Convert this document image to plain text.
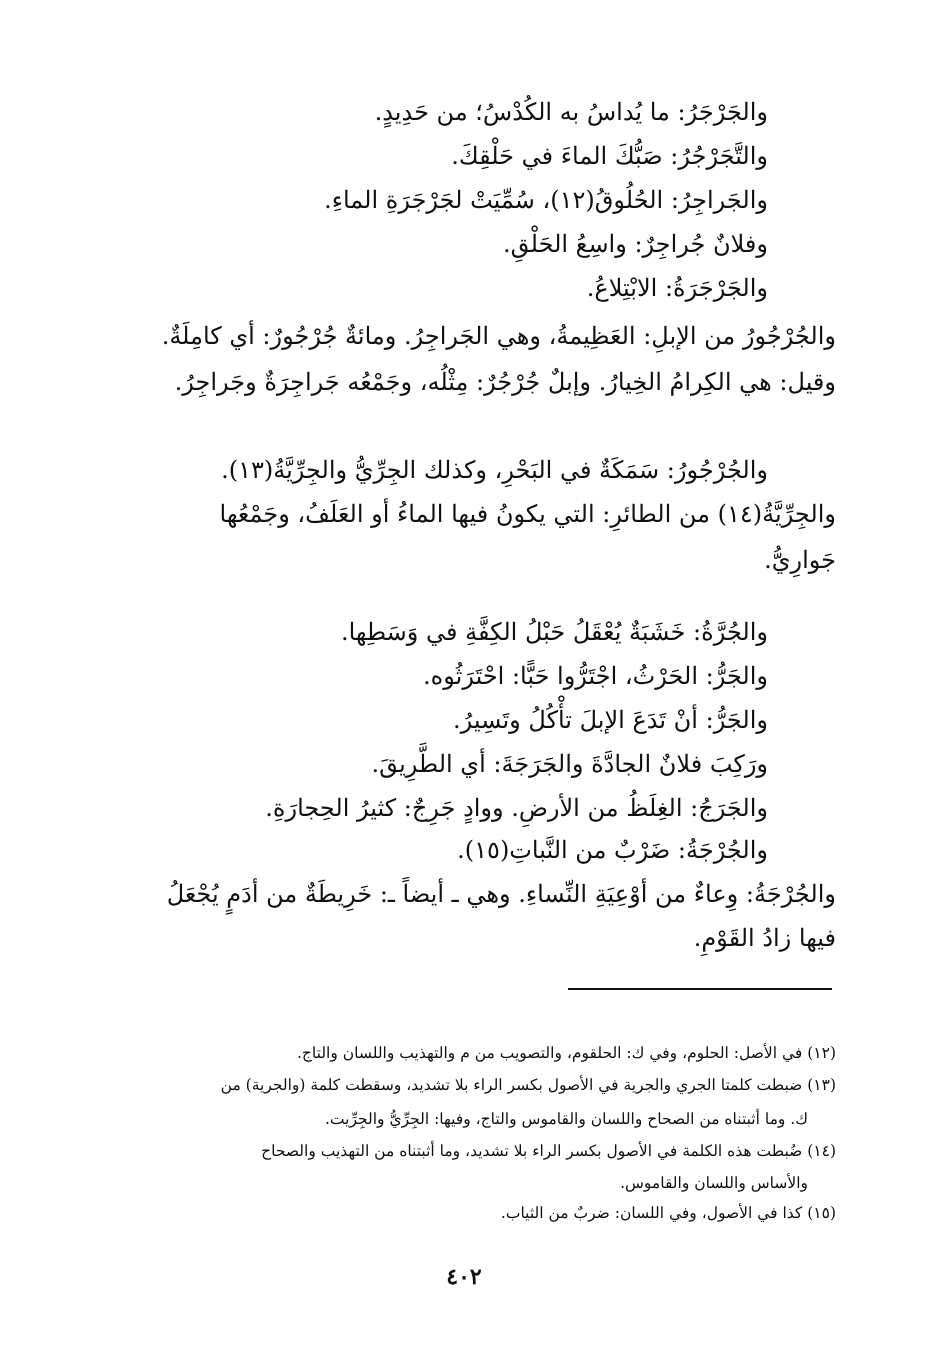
والجَرْجَرُ: ما يُداسُ به الكُدْسُ؛ من حَدِيدٍ.
والتَّجَرْجُرُ: صَبُّكَ الماءَ في حَلْقِكَ.
والجَراجِرُ: الحُلُوقُ(١٢)، سُمِّيَتْ لجَرْجَرَةِ الماءِ.
وفلانٌ جُراجِرٌ: واسِعُ الحَلْقِ.
والجَرْجَرَةُ: الابْتِلاعُ.
والجُرْجُورُ من الإبلِ: العَظِيمةُ، وهي الجَراجِرُ. ومائةٌ جُرْجُورٌ: أي كامِلَةٌ.
وقيل: هي الكِرامُ الخِيارُ. وإبلٌ جُرْجُرٌ: مِثْلُه، وجَمْعُه جَراجِرَةٌ وجَراجِرُ.
والجُرْجُورُ: سَمَكَةٌ في البَحْرِ، وكذلك الجِرِّيُّ والجِرِّيَّةُ(١٣).
والجِرِّيَّةُ(١٤) من الطائرِ: التي يكونُ فيها الماءُ أو العَلَفُ، وجَمْعُها
جَوارِيُّ.
والجُرَّةُ: خَشَبَةٌ يُعْقَلُ حَبْلُ الكِفَّةِ في وَسَطِها.
والجَرُّ: الحَرْثُ، اجْتَرُّوا حَبًّا: احْتَرَثُوه.
والجَرُّ: أنْ تَدَعَ الإبلَ تأْكُلُ وتَسِيرُ.
ورَكِبَ فلانٌ الجادَّةَ والجَرَجَةَ: أي الطَّرِيقَ.
والجَرَجُ: الغِلَظُ من الأرضِ. ووادٍ جَرِجٌ: كثيرُ الحِجارَةِ.
والجُرْجَةُ: ضَرْبٌ من النَّباتِ(١٥).
والجُرْجَةُ: وِعاءٌ من أوْعِيَةِ النِّساءِ. وهي ـ أيضاً ـ: خَرِيطَةٌ من أدَمٍ يُجْعَلُ
فيها زادُ القَوْمِ.
(١٢) في الأصل: الحلوم، وفي ك: الحلقوم، والتصويب من م والتهذيب واللسان والتاج.
(١٣) ضبطت كلمتا الجري والجرية في الأصول بكسر الراء بلا تشديد، وسقطت كلمة (والجرية) من
ك. وما أثبتناه من الصحاح واللسان والقاموس والتاج، وفيها: الجِرِّيُّ والجِرِّيت.
(١٤) ضُبطت هذه الكلمة في الأصول بكسر الراء بلا تشديد، وما أثبتناه من التهذيب والصحاح
والأساس واللسان والقاموس.
(١٥) كذا في الأصول، وفي اللسان: ضربٌ من الثياب.
٤٠٢
